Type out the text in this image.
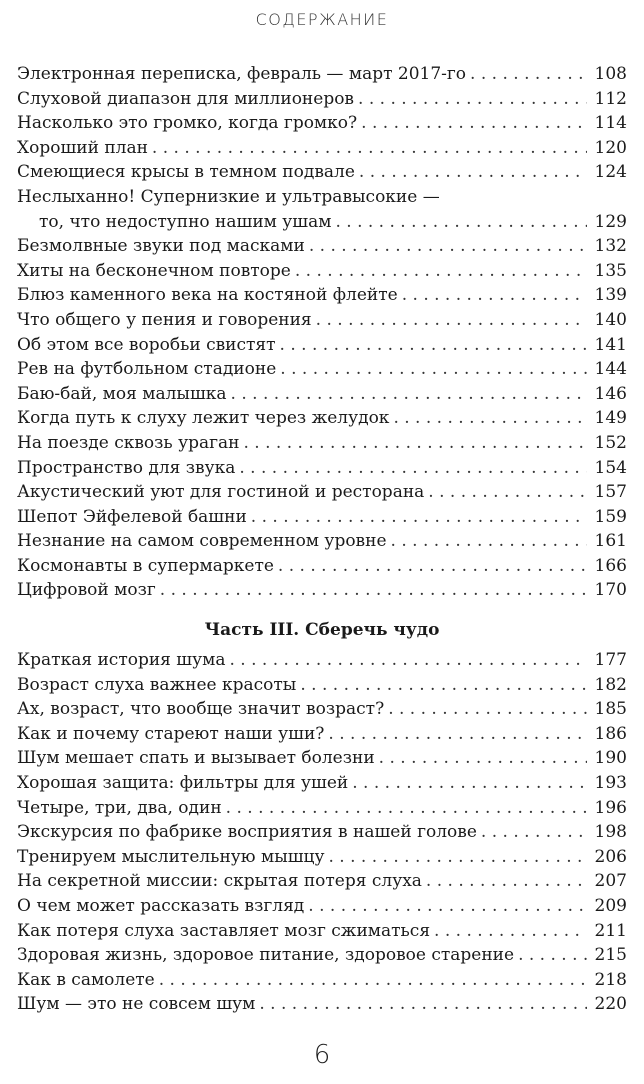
СОДЕРЖАНИЕ
Электронная переписка, февраль — март 2017-го . . .	108
Слуховой диапазон для миллионеров . . .	112
Насколько это громко, когда громко? . . .	114
Хороший план . . .	120
Смеющиеся крысы в темном подвале . . .	124
Неслыханно! Супернизкие и ультравысокие —
то, что недоступно нашим ушам . . .	129
Безмолвные звуки под масками . . .	132
Хиты на бесконечном повторе . . .	135
Блюз каменного века на костяной флейте . . .	139
Что общего у пения и говорения . . .	140
Об этом все воробьи свистят . . .	141
Рев на футбольном стадионе . . .	144
Баю-бай, моя малышка . . .	146
Когда путь к слуху лежит через желудок . . .	149
На поезде сквозь ураган . . .	152
Пространство для звука . . .	154
Акустический уют для гостиной и ресторана . . .	157
Шепот Эйфелевой башни . . .	159
Незнание на самом современном уровне . . .	161
Космонавты в супермаркете . . .	166
Цифровой мозг . . .	170
Часть III. Сберечь чудо
Краткая история шума . . .	177
Возраст слуха важнее красоты . . .	182
Ах, возраст, что вообще значит возраст? . . .	185
Как и почему стареют наши уши? . . .	186
Шум мешает спать и вызывает болезни . . .	190
Хорошая защита: фильтры для ушей . . .	193
Четыре, три, два, один . . .	196
Экскурсия по фабрике восприятия в нашей голове . . .	198
Тренируем мыслительную мышцу . . .	206
На секретной миссии: скрытая потеря слуха . . .	207
О чем может рассказать взгляд . . .	209
Как потеря слуха заставляет мозг сжиматься . . .	211
Здоровая жизнь, здоровое питание, здоровое старение . . .	215
Как в самолете . . .	218
Шум — это не совсем шум . . .	220
6
